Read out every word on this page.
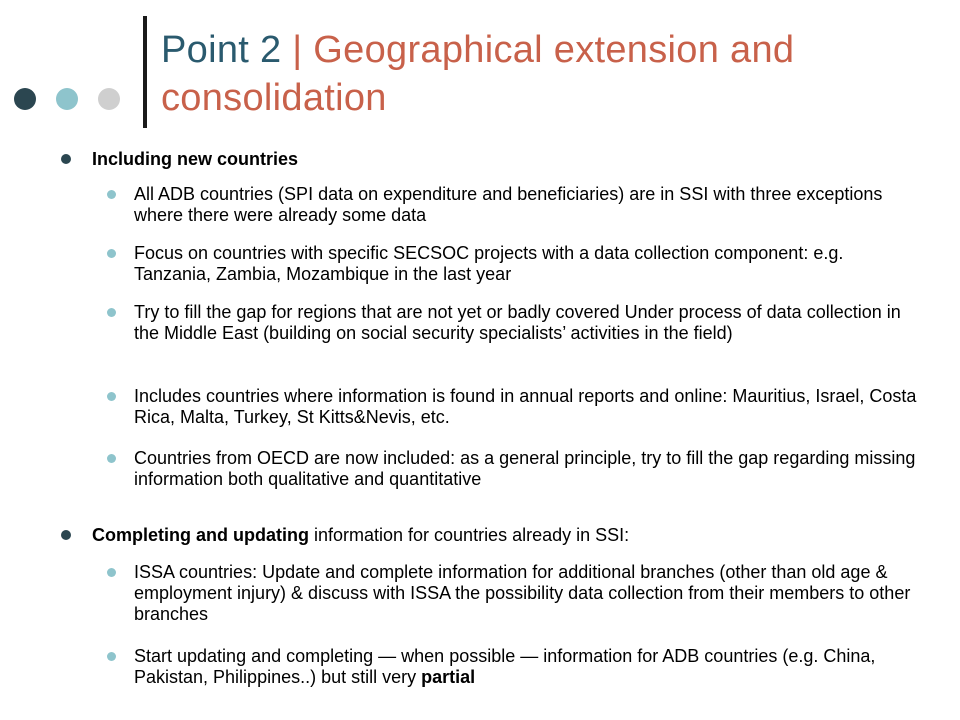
Point 2 | Geographical extension and consolidation
Including new countries
All ADB countries (SPI data on expenditure and beneficiaries) are in SSI with three exceptions where there were already some data
Focus on countries with specific SECSOC projects with a data collection component: e.g. Tanzania, Zambia, Mozambique in the last year
Try to fill the gap for regions that are not yet or badly covered Under process of data collection in the Middle East (building on social security specialists’ activities in the field)
Includes countries where information is found in annual reports and online: Mauritius, Israel, Costa Rica, Malta, Turkey, St Kitts&Nevis, etc.
Countries from OECD are now included: as a general principle, try to fill the gap regarding missing information both qualitative and quantitative
Completing and updating information for countries already in SSI:
ISSA countries: Update and complete information for additional branches (other than old age & employment injury) & discuss with ISSA the possibility data collection from their members to other branches
Start updating and completing — when possible — information for ADB countries (e.g. China, Pakistan, Philippines..) but still very partial
